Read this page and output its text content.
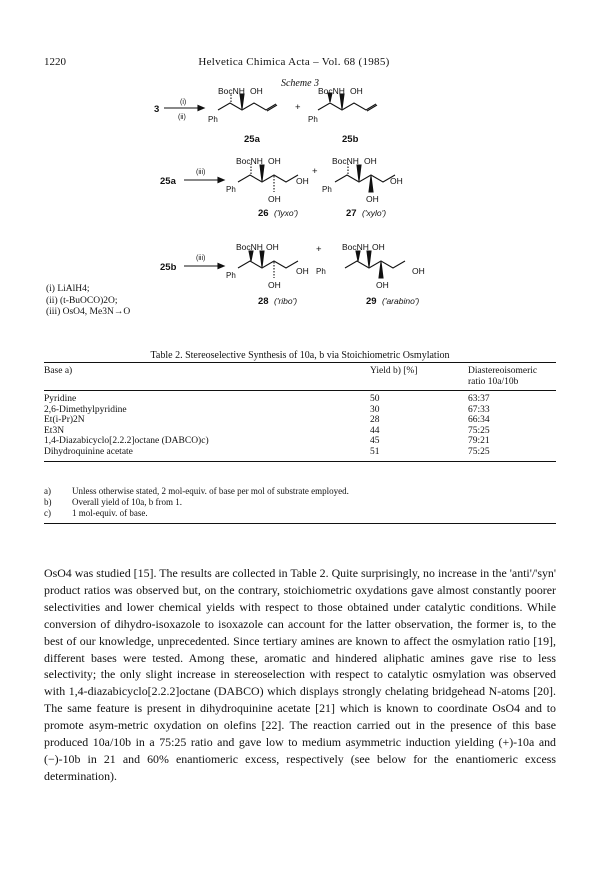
1220	Helvetica Chimica Acta – Vol. 68 (1985)
Scheme 3
3
(i)
(ii)
BocNH OH
Ph
+
BocNH OH
Ph
25a	25b
25a
(iii)
BocNH OH
Ph
OH
OH
+
BocNH OH
Ph
OH
OH
26 ('lyxo')	27 ('xylo')
25b
(iii)
BocNH OH
Ph
OH
OH
+ BocNH OH
Ph
OH
OH
28 ('ribo')	29 ('arabino')
(i) LiAlH4;
(ii) (t-BuOCO)2O;
(iii) OsO4, Me3N→O
Table 2. Stereoselective Synthesis of 10a, b via Stoichiometric Osmylation
Base a)	Yield b) [%]	Diastereoisomeric ratio 10a/10b
Pyridine	50	63:37
2,6-Dimethylpyridine	30	67:33
Et(i-Pr)2N	28	66:34
Et3N	44	75:25
1,4-Diazabicyclo[2.2.2]octane (DABCO)c)	45	79:21
Dihydroquinine acetate	51	75:25
a)	Unless otherwise stated, 2 mol-equiv. of base per mol of substrate employed.
b)	Overall yield of 10a, b from 1.
c)	1 mol-equiv. of base.

OsO4 was studied [15]. The results are collected in Table 2. Quite surprisingly, no increase in the 'anti'/'syn' product ratios was observed but, on the contrary, stoichiometric oxydations gave almost constantly poorer selectivities and lower chemical yields with respect to those obtained under catalytic conditions. While conversion of dihydro-isoxazole to isoxazole can account for the latter observation, the former is, to the best of our knowledge, unprecedented. Since tertiary amines are known to affect the osmylation ratio [19], different bases were tested. Among these, aromatic and hindered aliphatic amines gave rise to less selectivity; the only slight increase in stereoselection with respect to catalytic osmylation was observed with 1,4-diazabicyclo[2.2.2]octane (DABCO) which displays strongly chelating bridgehead N-atoms [20]. The same feature is present in dihydroquinine acetate [21] which is known to coordinate OsO4 and to promote asym-metric oxydation on olefins [22]. The reaction carried out in the presence of this base produced 10a/10b in a 75:25 ratio and gave low to medium asymmetric induction yielding (+)-10a and (−)-10b in 21 and 60% enantiomeric excess, respectively (see below for the enantiomeric excess determination).
